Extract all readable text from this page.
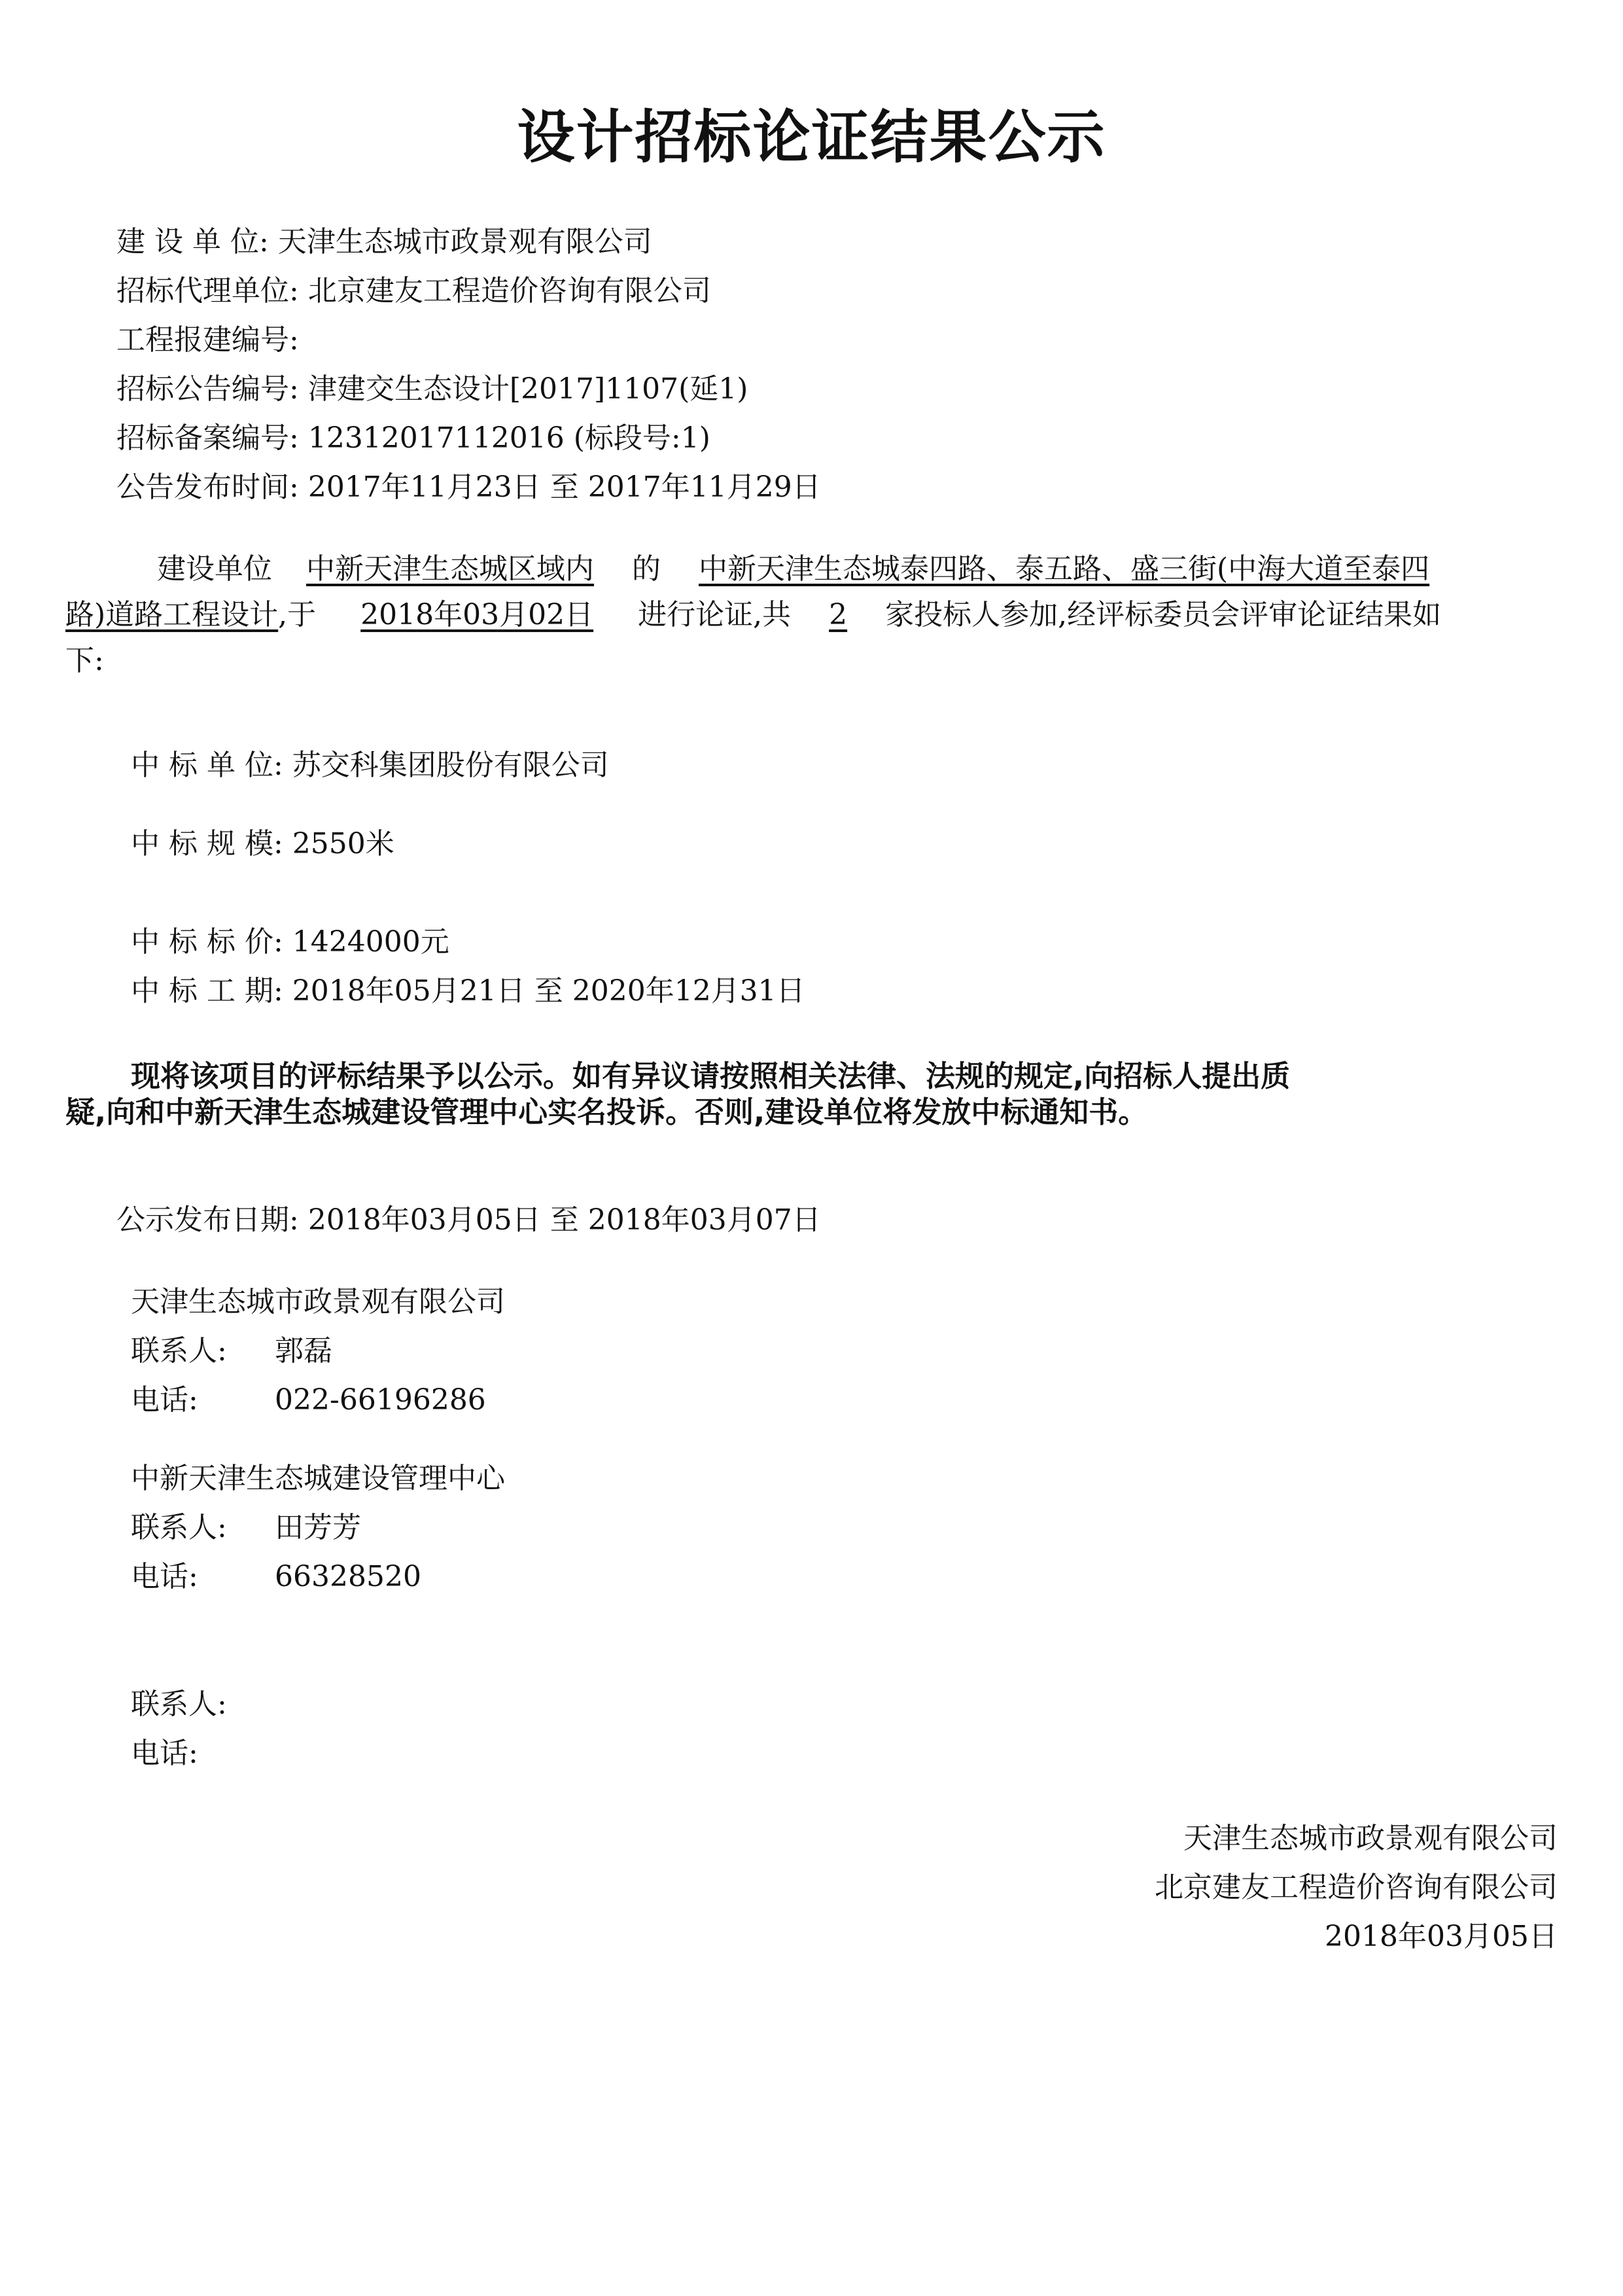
设计招标论证结果公示
建 设 单 位: 天津生态城市政景观有限公司
招标代理单位: 北京建友工程造价咨询有限公司
工程报建编号:
招标公告编号: 津建交生态设计[2017]1107(延1)
招标备案编号: 12312017112016 (标段号:1)
公告发布时间: 2017年11月23日 至 2017年11月29日
建设单位 中新天津生态城区域内 的 中新天津生态城泰四路、泰五路、盛三街(中海大道至泰四
路)道路工程设计,于 2018年03月02日 进行论证,共 2 家投标人参加,经评标委员会评审论证结果如
下:
中 标 单 位: 苏交科集团股份有限公司
中 标 规 模: 2550米
中 标 标 价: 1424000元
中 标 工 期: 2018年05月21日 至 2020年12月31日
现将该项目的评标结果予以公示。如有异议请按照相关法律、法规的规定,向招标人提出质
疑,向和中新天津生态城建设管理中心实名投诉。否则,建设单位将发放中标通知书。
公示发布日期: 2018年03月05日 至 2018年03月07日
天津生态城市政景观有限公司
联系人: 郭磊
电话:	022-66196286
中新天津生态城建设管理中心
联系人: 田芳芳
电话:	66328520
联系人:
电话:
天津生态城市政景观有限公司
北京建友工程造价咨询有限公司
2018年03月05日
